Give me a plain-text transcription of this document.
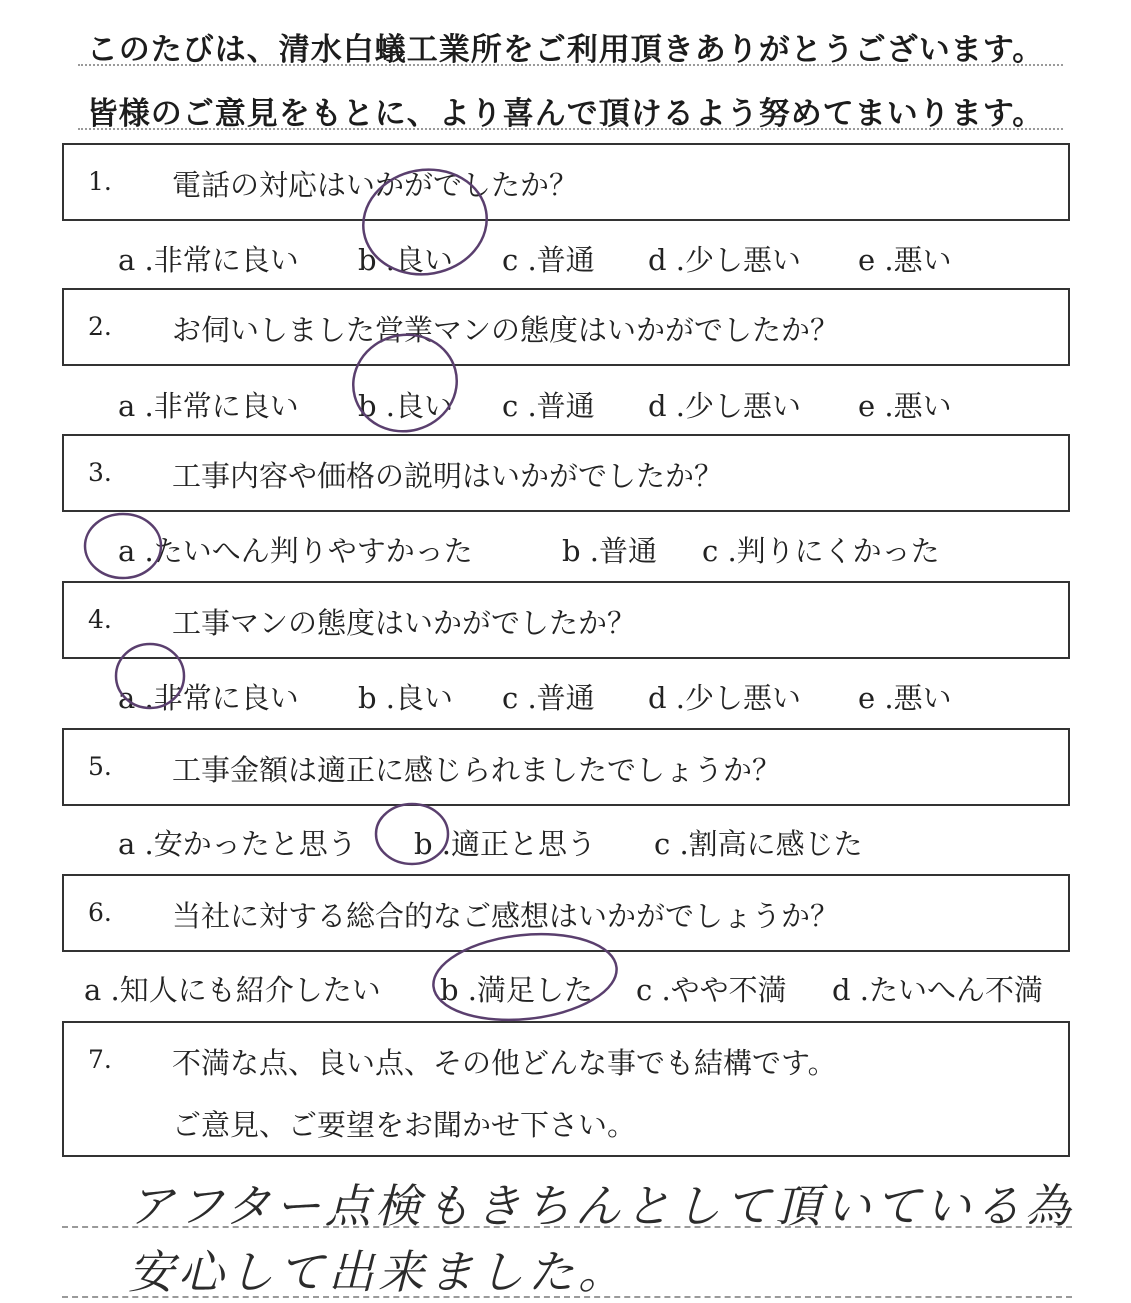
このたびは、清水白蟻工業所をご利用頂きありがとうございます。
皆様のご意見をもとに、より喜んで頂けるよう努めてまいります。
1. 電話の対応はいかがでしたか？
a .非常に良い b .良い c .普通 d .少し悪い e .悪い
2. お伺いしました営業マンの態度はいかがでしたか？
a .非常に良い b .良い c .普通 d .少し悪い e .悪い
3. 工事内容や価格の説明はいかがでしたか？
a .たいへん判りやすかった	b .普通 c .判りにくかった
4. 工事マンの態度はいかがでしたか？
a .非常に良い b .良い c .普通 d .少し悪い e .悪い
5. 工事金額は適正に感じられましたでしょうか？
a .安かったと思う b .適正と思う c .割高に感じた
6. 当社に対する総合的なご感想はいかがでしょうか？
a .知人にも紹介したい b .満足した c .やや不満 d .たいへん不満
7. 不満な点、良い点、その他どんな事でも結構です。
ご意見、ご要望をお聞かせ下さい。
アフター点検もきちんとして頂いている為
安心して出来ました。
